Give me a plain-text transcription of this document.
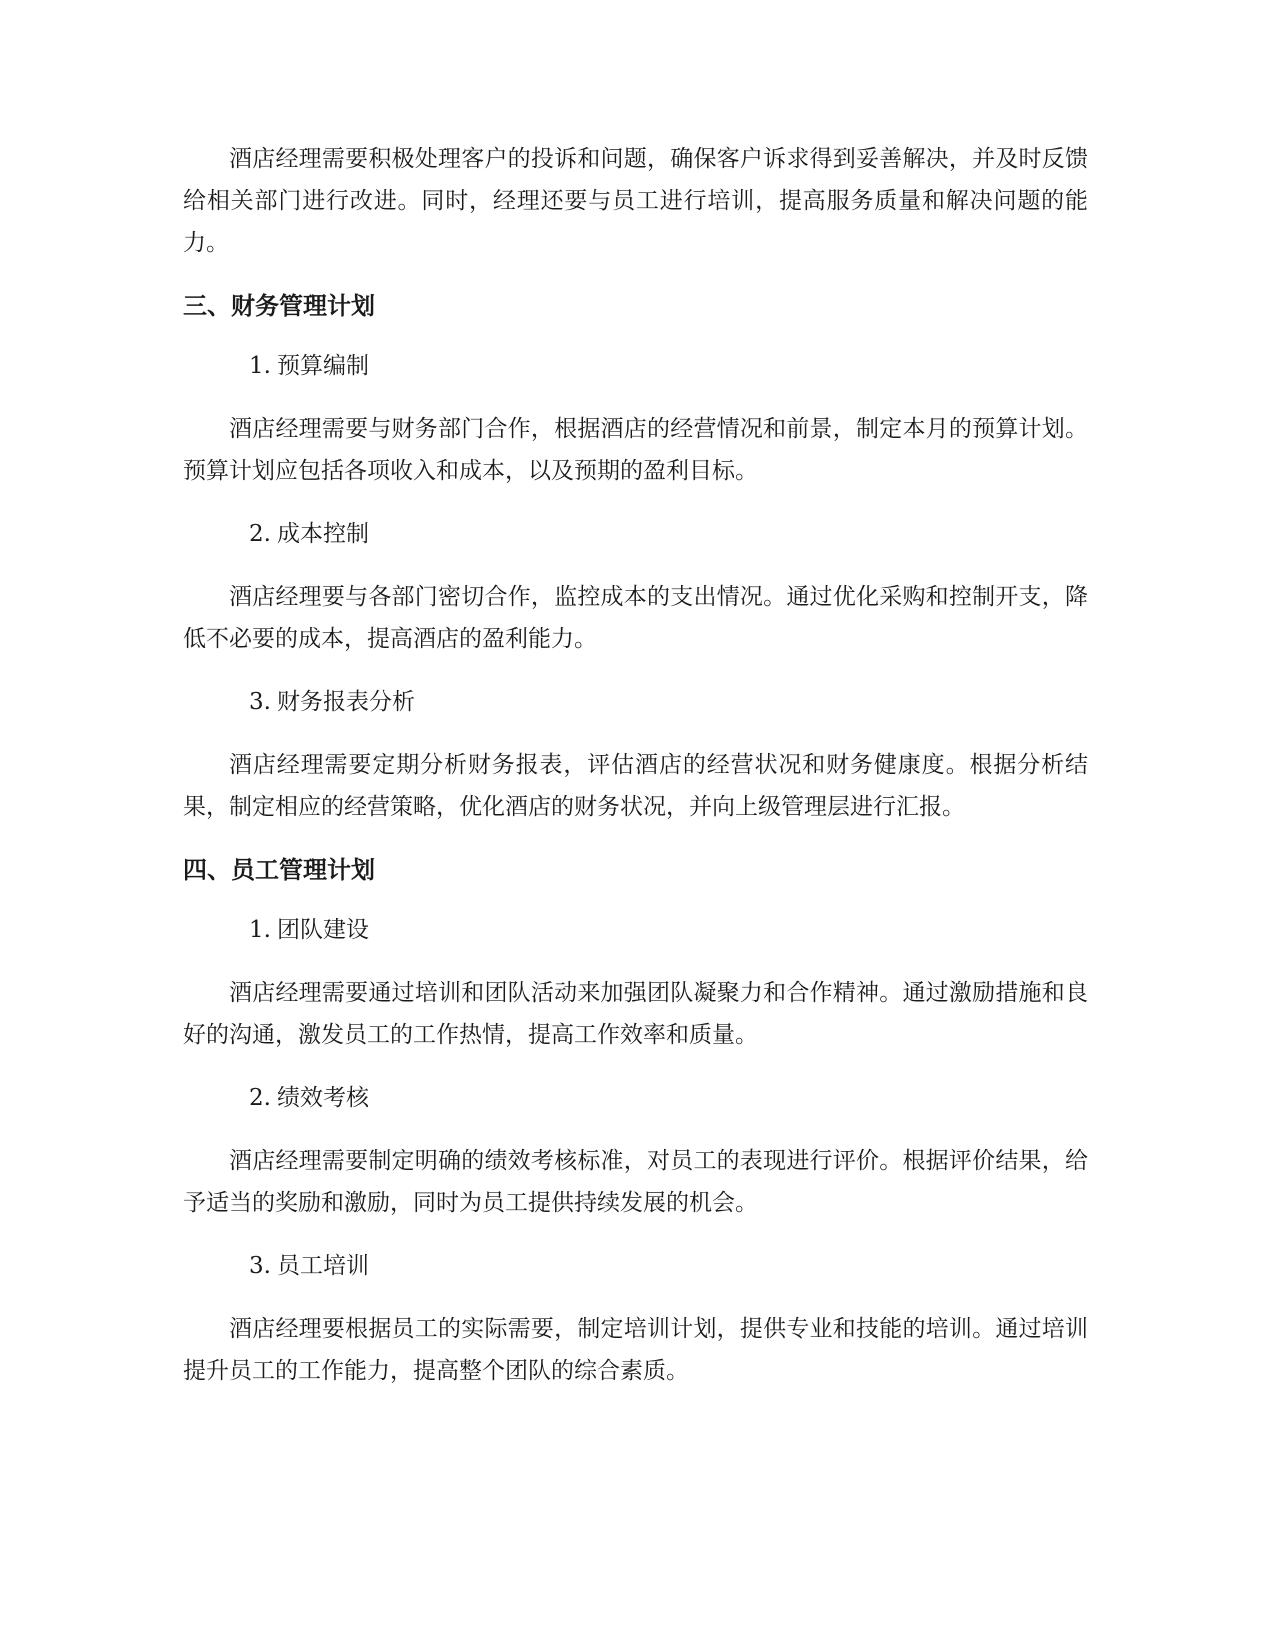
酒店经理需要积极处理客户的投诉和问题，确保客户诉求得到妥善解决，并及时反馈给相关部门进行改进。同时，经理还要与员工进行培训，提高服务质量和解决问题的能力。

三、财务管理计划
1. 预算编制

酒店经理需要与财务部门合作，根据酒店的经营情况和前景，制定本月的预算计划。预算计划应包括各项收入和成本，以及预期的盈利目标。

2. 成本控制

酒店经理要与各部门密切合作，监控成本的支出情况。通过优化采购和控制开支，降低不必要的成本，提高酒店的盈利能力。

3. 财务报表分析

酒店经理需要定期分析财务报表，评估酒店的经营状况和财务健康度。根据分析结果，制定相应的经营策略，优化酒店的财务状况，并向上级管理层进行汇报。

四、员工管理计划
1. 团队建设

酒店经理需要通过培训和团队活动来加强团队凝聚力和合作精神。通过激励措施和良好的沟通，激发员工的工作热情，提高工作效率和质量。

2. 绩效考核

酒店经理需要制定明确的绩效考核标准，对员工的表现进行评价。根据评价结果，给予适当的奖励和激励，同时为员工提供持续发展的机会。

3. 员工培训

酒店经理要根据员工的实际需要，制定培训计划，提供专业和技能的培训。通过培训提升员工的工作能力，提高整个团队的综合素质。
